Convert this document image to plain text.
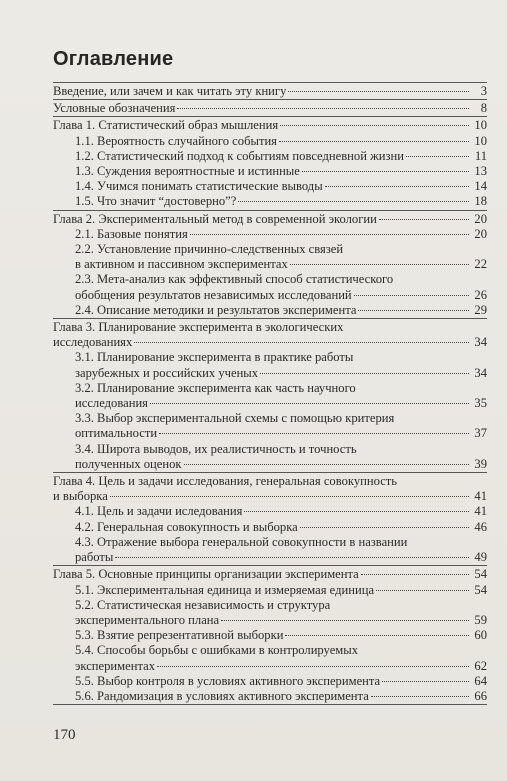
Оглавление
Введение, или зачем и как читать эту книгу	3
Условные обозначения	8
Глава 1. Статистический образ мышления	10
1.1. Вероятность случайного события	10
1.2. Статистический подход к событиям повседневной жизни	11
1.3. Суждения вероятностные и истинные	13
1.4. Учимся понимать статистические выводы	14
1.5. Что значит “достоверно”?	18
Глава 2. Экспериментальный метод в современной экологии	20
2.1. Базовые понятия	20
2.2. Установление причинно-следственных связей
в активном и пассивном экспериментах	22
2.3. Мета-анализ как эффективный способ статистического
обобщения результатов независимых исследований	26
2.4. Описание методики и результатов эксперимента	29
Глава 3. Планирование эксперимента в экологических
исследованиях	34
3.1. Планирование эксперимента в практике работы
зарубежных и российских ученых	34
3.2. Планирование эксперимента как часть научного
исследования	35
3.3. Выбор экспериментальной схемы с помощью критерия
оптимальности	37
3.4. Широта выводов, их реалистичность и точность
полученных оценок	39
Глава 4. Цель и задачи исследования, генеральная совокупность
и выборка	41
4.1. Цель и задачи иследования	41
4.2. Генеральная совокупность и выборка	46
4.3. Отражение выбора генеральной совокупности в названии
работы	49
Глава 5. Основные принципы организации эксперимента	54
5.1. Экспериментальная единица и измеряемая единица	54
5.2. Статистическая независимость и структура
экспериментального плана	59
5.3. Взятие репрезентативной выборки	60
5.4. Способы борьбы с ошибками в контролируемых
экспериментах	62
5.5. Выбор контроля в условиях активного эксперимента	64
5.6. Рандомизация в условиях активного эксперимента	66
170
